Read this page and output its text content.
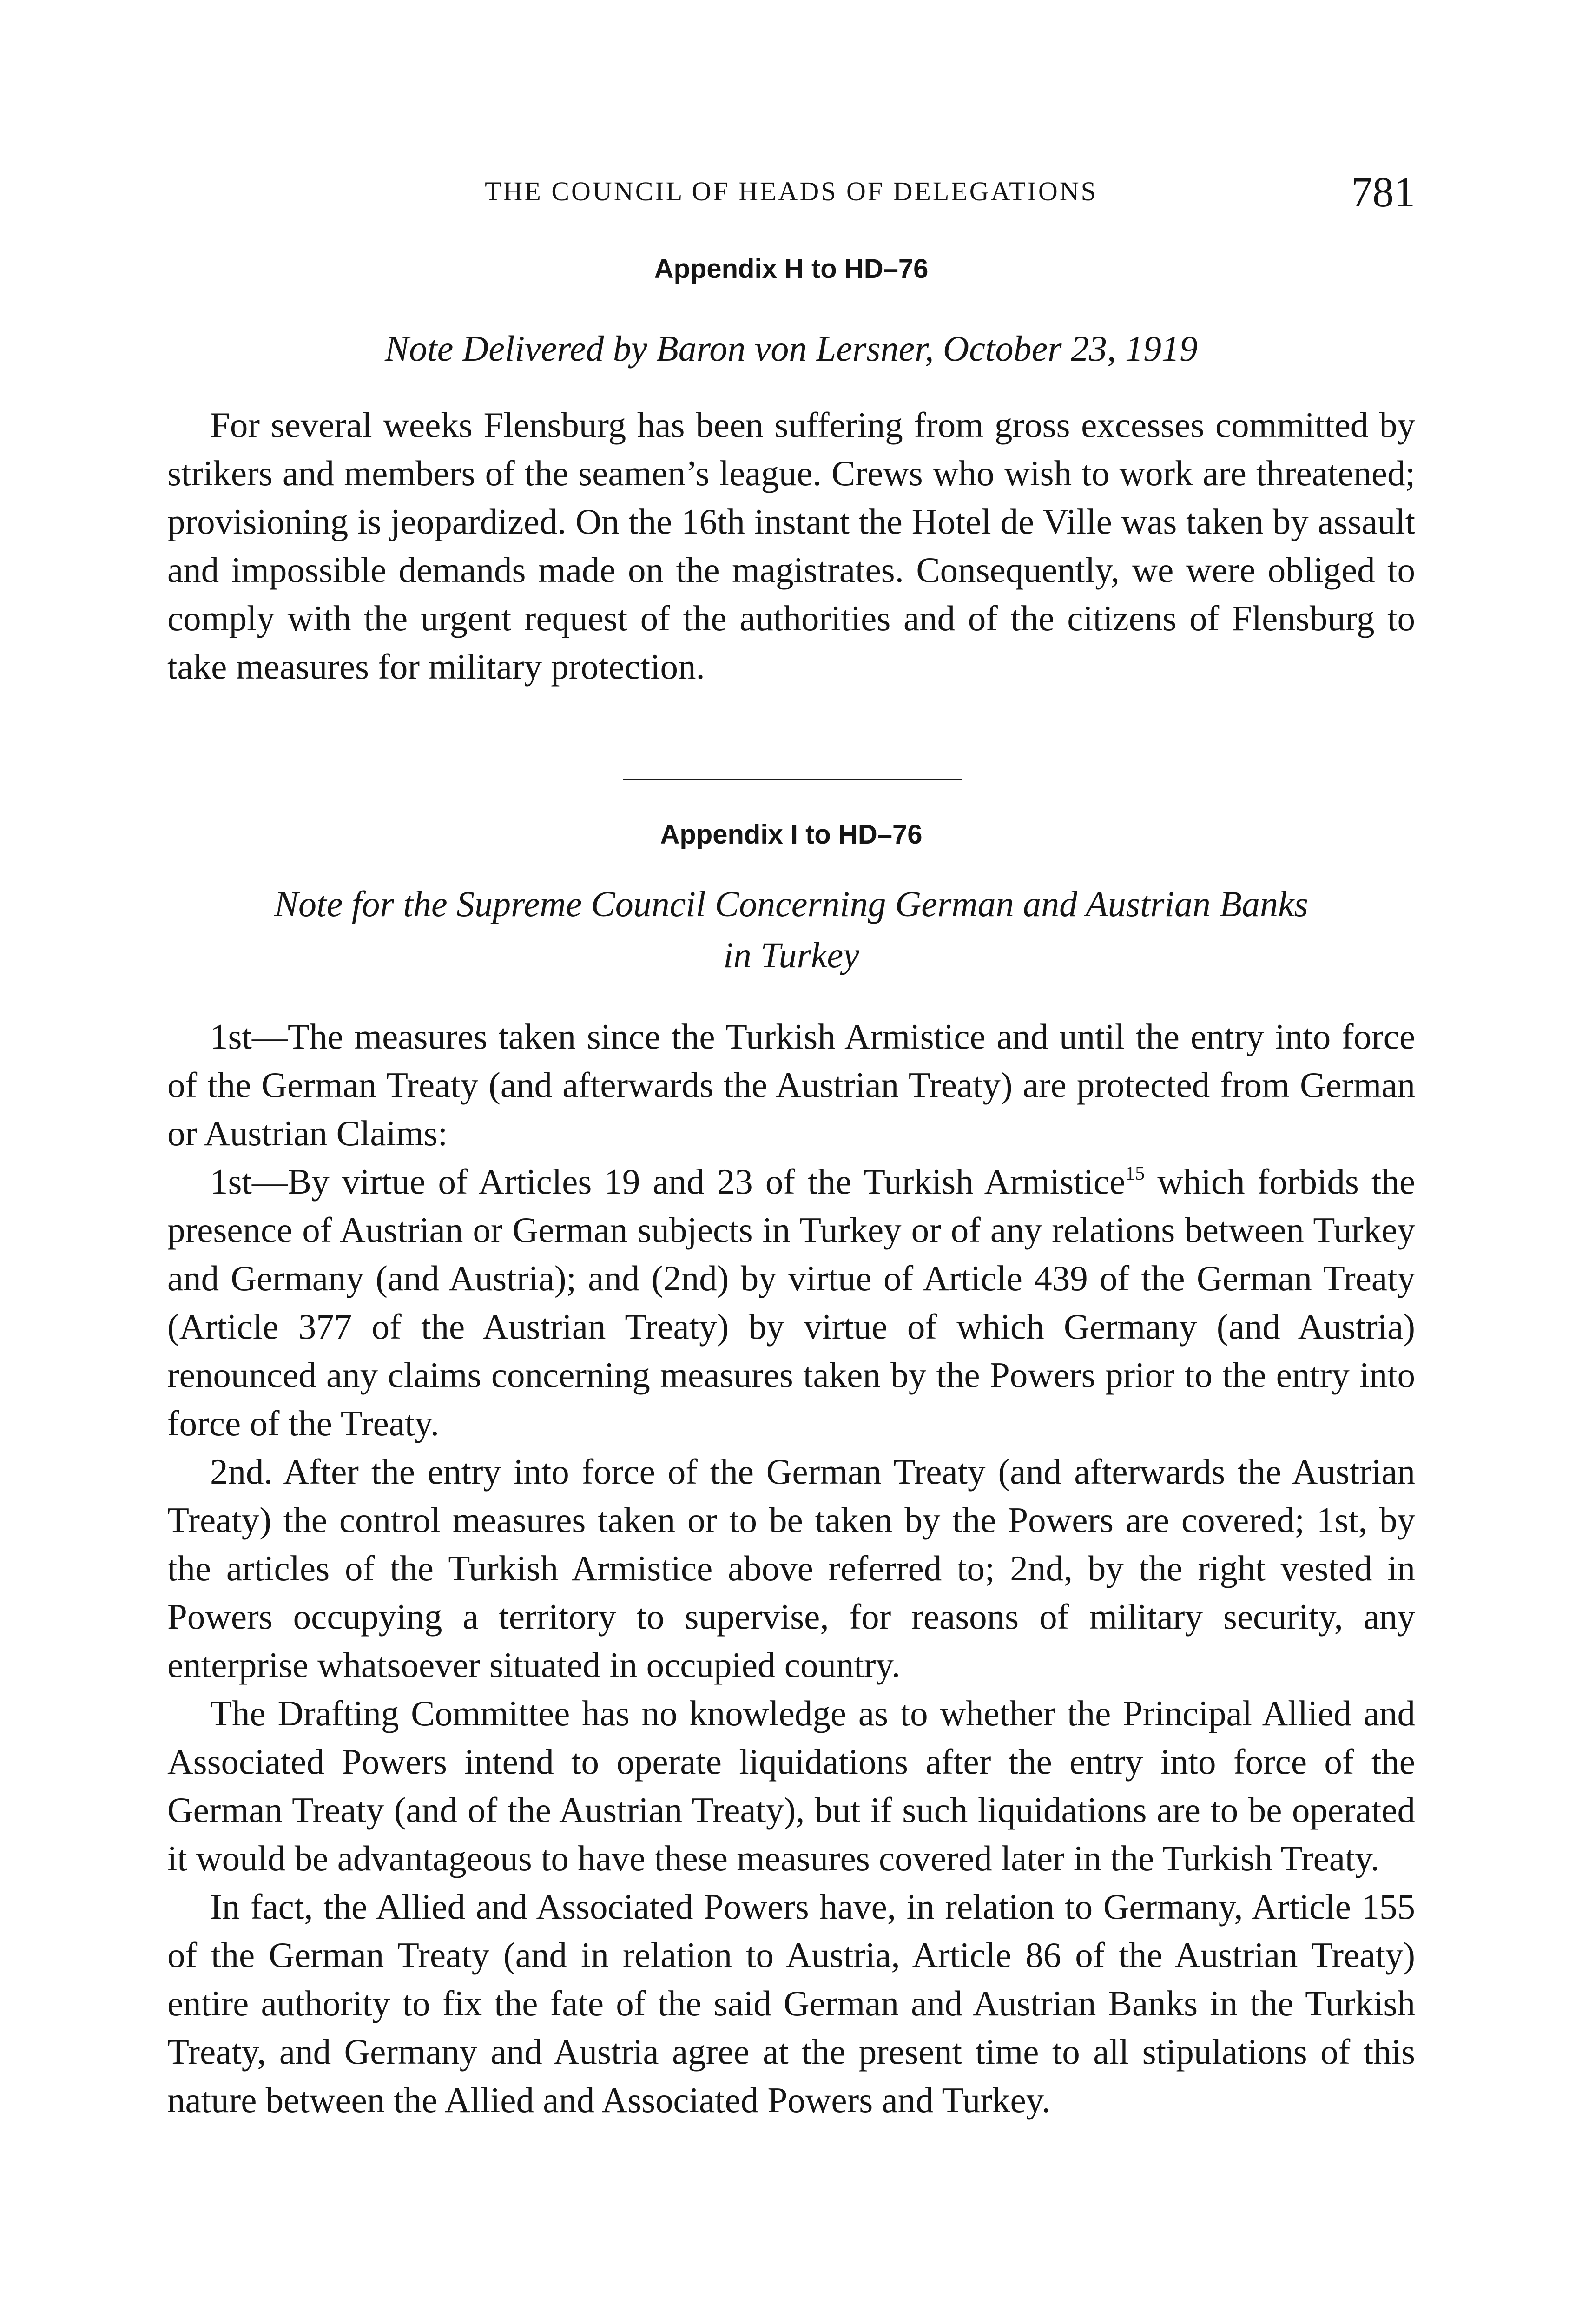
THE COUNCIL OF HEADS OF DELEGATIONS	781
Appendix H to HD–76
Note Delivered by Baron von Lersner, October 23, 1919

For several weeks Flensburg has been suffering from gross excesses committed by strikers and members of the seamen’s league. Crews who wish to work are threatened; provisioning is jeopardized. On the 16th instant the Hotel de Ville was taken by assault and impossible demands made on the magistrates. Consequently, we were obliged to comply with the urgent request of the authorities and of the citizens of Flensburg to take measures for military protection.

Appendix I to HD–76
Note for the Supreme Council Concerning German and Austrian Banks
in Turkey

1st—The measures taken since the Turkish Armistice and until the entry into force of the German Treaty (and afterwards the Austrian Treaty) are protected from German or Austrian Claims:

1st—By virtue of Articles 19 and 23 of the Turkish Armistice$^{15}$ which forbids the presence of Austrian or German subjects in Turkey or of any relations between Turkey and Germany (and Austria); and (2nd) by virtue of Article 439 of the German Treaty (Article 377 of the Austrian Treaty) by virtue of which Germany (and Austria) renounced any claims concerning measures taken by the Powers prior to the entry into force of the Treaty.

2nd. After the entry into force of the German Treaty (and afterwards the Austrian Treaty) the control measures taken or to be taken by the Powers are covered; 1st, by the articles of the Turkish Armistice above referred to; 2nd, by the right vested in Powers occupying a territory to supervise, for reasons of military security, any enterprise whatsoever situated in occupied country.

The Drafting Committee has no knowledge as to whether the Principal Allied and Associated Powers intend to operate liquidations after the entry into force of the German Treaty (and of the Austrian Treaty), but if such liquidations are to be operated it would be advantageous to have these measures covered later in the Turkish Treaty.

In fact, the Allied and Associated Powers have, in relation to Germany, Article 155 of the German Treaty (and in relation to Austria, Article 86 of the Austrian Treaty) entire authority to fix the fate of the said German and Austrian Banks in the Turkish Treaty, and Germany and Austria agree at the present time to all stipulations of this nature between the Allied and Associated Powers and Turkey.
